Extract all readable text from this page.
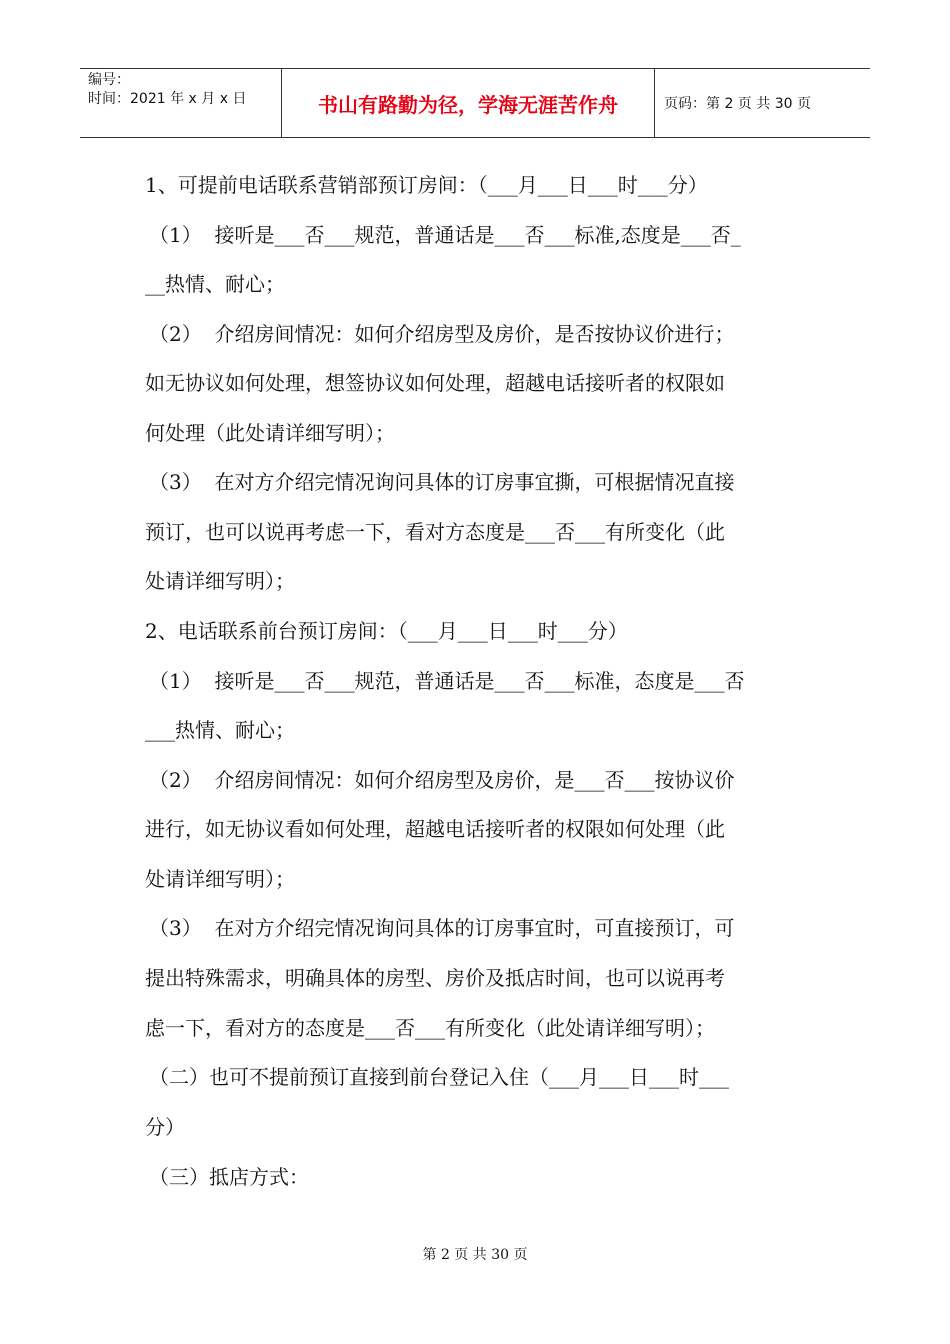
编号：
时间：2021 年 x 月 x 日	书山有路勤为径，学海无涯苦作舟	页码：第 2 页 共 30 页
1、可提前电话联系营销部预订房间：（___月___日___时___分）
（1）  接听是___否___规范，普通话是___否___标准,态度是___否_
__热情、耐心；
（2）  介绍房间情况：如何介绍房型及房价，是否按协议价进行；
如无协议如何处理，想签协议如何处理，超越电话接听者的权限如
何处理（此处请详细写明）；
（3）  在对方介绍完情况询问具体的订房事宜撕，可根据情况直接
预订，也可以说再考虑一下，看对方态度是___否___有所变化（此
处请详细写明）；
2、电话联系前台预订房间：（___月___日___时___分）
（1）  接听是___否___规范，普通话是___否___标准，态度是___否
___热情、耐心；
（2）  介绍房间情况：如何介绍房型及房价，是___否___按协议价
进行，如无协议看如何处理，超越电话接听者的权限如何处理（此
处请详细写明）；
（3）  在对方介绍完情况询问具体的订房事宜时，可直接预订，可
提出特殊需求，明确具体的房型、房价及抵店时间，也可以说再考
虑一下，看对方的态度是___否___有所变化（此处请详细写明）；
（二）也可不提前预订直接到前台登记入住（___月___日___时___
分）
（三）抵店方式：
第 2 页 共 30 页
